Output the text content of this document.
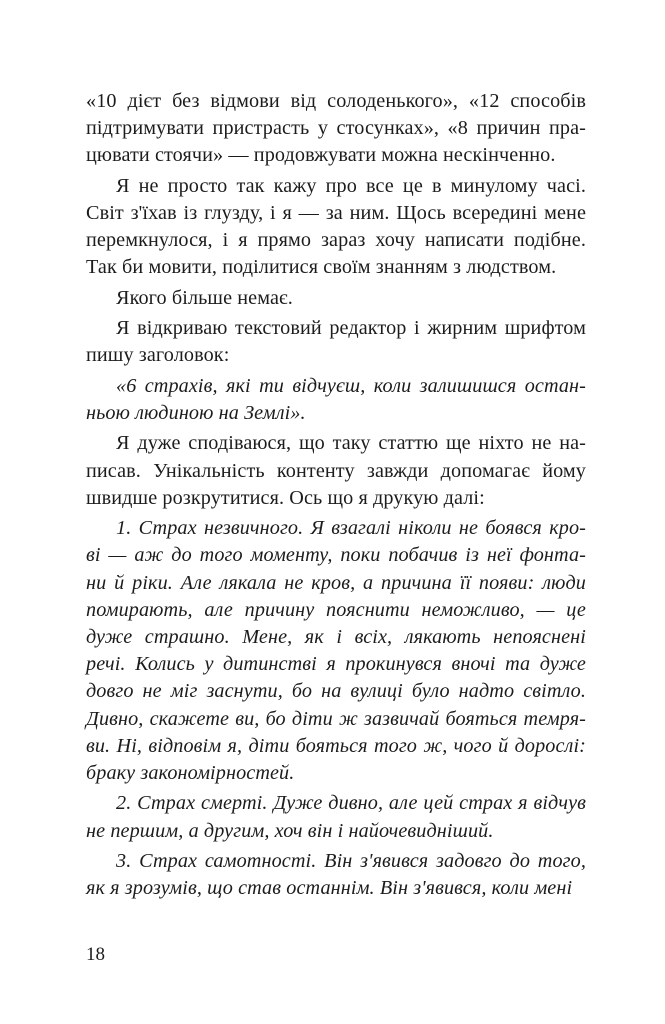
«10 дієт без відмови від солоденького», «12 способів
підтримувати пристрасть у стосунках», «8 причин пра-
цювати стоячи» — продовжувати можна нескінченно.
Я не просто так кажу про все це в минулому часі.
Світ з'їхав із глузду, і я — за ним. Щось всередині мене
перемкнулося, і я прямо зараз хочу написати подібне.
Так би мовити, поділитися своїм знанням з людством.
Якого більше немає.
Я відкриваю текстовий редактор і жирним шрифтом
пишу заголовок:
«6 страхів, які ти відчуєш, коли залишишся остан-
ньою людиною на Землі».
Я дуже сподіваюся, що таку статтю ще ніхто не на-
писав. Унікальність контенту завжди допомагає йому
швидше розкрутитися. Ось що я друкую далі:
1. Страх незвичного. Я взагалі ніколи не боявся кро-
ві — аж до того моменту, поки побачив із неї фонта-
ни й ріки. Але лякала не кров, а причина її появи: люди
помирають, але причину пояснити неможливо, — це
дуже страшно. Мене, як і всіх, лякають непояснені
речі. Колись у дитинстві я прокинувся вночі та дуже
довго не міг заснути, бо на вулиці було надто світло.
Дивно, скажете ви, бо діти ж зазвичай бояться темря-
ви. Ні, відповім я, діти бояться того ж, чого й дорослі:
браку закономірностей.
2. Страх смерті. Дуже дивно, але цей страх я відчув
не першим, а другим, хоч він і найочевидніший.
3. Страх самотності. Він з'явився задовго до того,
як я зрозумів, що став останнім. Він з'явився, коли мені
18
